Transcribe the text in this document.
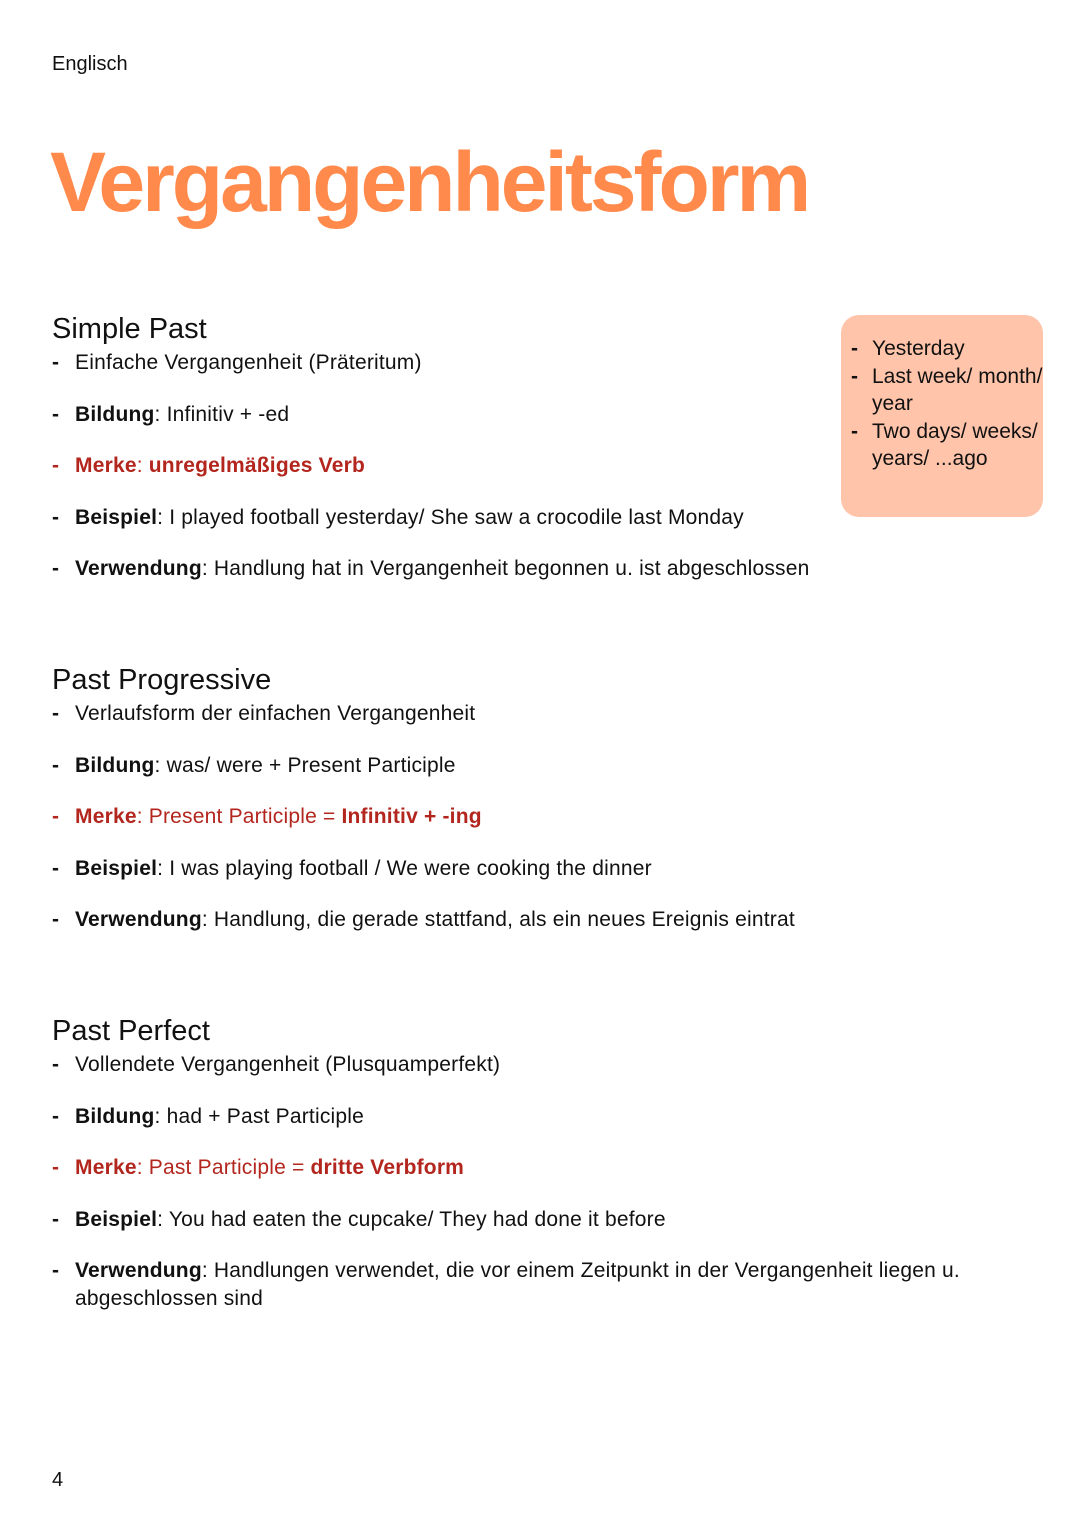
Englisch
Vergangenheitsform
- Yesterday
- Last week/ month/ year
- Two days/ weeks/ years/ ...ago
Simple Past
- Einfache Vergangenheit (Präteritum)
- Bildung: Infinitiv + -ed
- Merke: unregelmäßiges Verb
- Beispiel: I played football yesterday/ She saw a crocodile last Monday
- Verwendung: Handlung hat in Vergangenheit begonnen u. ist abgeschlossen
Past Progressive
- Verlaufsform der einfachen Vergangenheit
- Bildung: was/ were + Present Participle
- Merke: Present Participle = Infinitiv + -ing
- Beispiel: I was playing football / We were cooking the dinner
- Verwendung: Handlung, die gerade stattfand, als ein neues Ereignis eintrat
Past Perfect
- Vollendete Vergangenheit (Plusquamperfekt)
- Bildung: had + Past Participle
- Merke: Past Participle = dritte Verbform
- Beispiel: You had eaten the cupcake/ They had done it before
- Verwendung: Handlungen verwendet, die vor einem Zeitpunkt in der Vergangenheit liegen u. abgeschlossen sind
4
